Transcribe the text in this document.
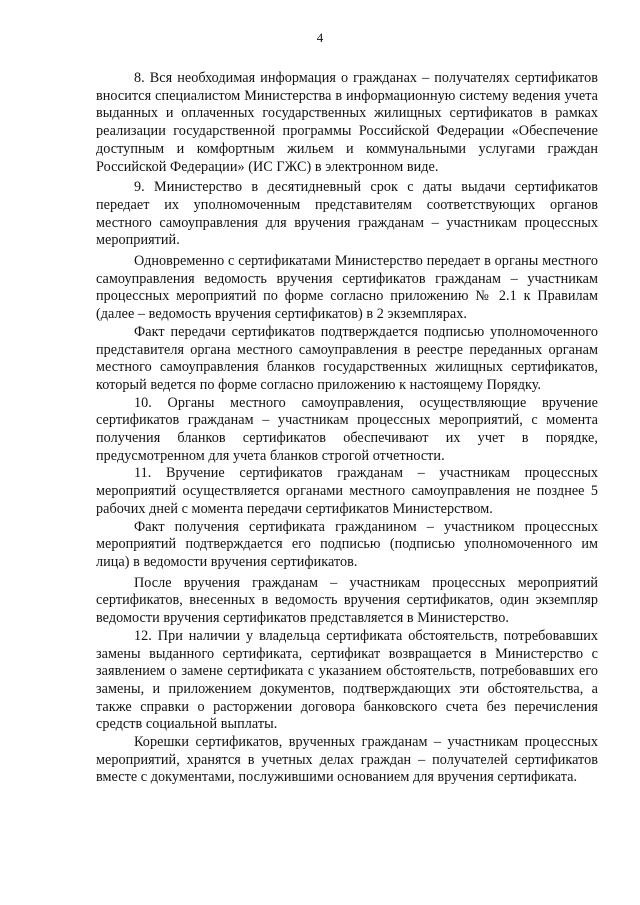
4

8. Вся необходимая информация о гражданах – получателях сертификатов вносится специалистом Министерства в информационную систему ведения учета выданных и оплаченных государственных жилищных сертификатов в рамках реализации государственной программы Российской Федерации «Обеспечение доступным и комфортным жильем и коммунальными услугами граждан Российской Федерации» (ИС ГЖС) в электронном виде.

9. Министерство в десятидневный срок с даты выдачи сертификатов передает их уполномоченным представителям соответствующих органов местного самоуправления для вручения гражданам – участникам процессных мероприятий.

Одновременно с сертификатами Министерство передает в органы местного самоуправления ведомость вручения сертификатов гражданам – участникам процессных мероприятий по форме согласно приложению № 2.1 к Правилам (далее – ведомость вручения сертификатов) в 2 экземплярах.

Факт передачи сертификатов подтверждается подписью уполномоченного представителя органа местного самоуправления в реестре переданных органам местного самоуправления бланков государственных жилищных сертификатов, который ведется по форме согласно приложению к настоящему Порядку.

10. Органы местного самоуправления, осуществляющие вручение сертификатов гражданам – участникам процессных мероприятий, с момента получения бланков сертификатов обеспечивают их учет в порядке, предусмотренном для учета бланков строгой отчетности.

11. Вручение сертификатов гражданам – участникам процессных мероприятий осуществляется органами местного самоуправления не позднее 5 рабочих дней с момента передачи сертификатов Министерством.

Факт получения сертификата гражданином – участником процессных мероприятий подтверждается его подписью (подписью уполномоченного им лица) в ведомости вручения сертификатов.

После вручения гражданам – участникам процессных мероприятий сертификатов, внесенных в ведомость вручения сертификатов, один экземпляр ведомости вручения сертификатов представляется в Министерство.

12. При наличии у владельца сертификата обстоятельств, потребовавших замены выданного сертификата, сертификат возвращается в Министерство с заявлением о замене сертификата с указанием обстоятельств, потребовавших его замены, и приложением документов, подтверждающих эти обстоятельства, а также справки о расторжении договора банковского счета без перечисления средств социальной выплаты.

Корешки сертификатов, врученных гражданам – участникам процессных мероприятий, хранятся в учетных делах граждан – получателей сертификатов вместе с документами, послужившими основанием для вручения сертификата.
